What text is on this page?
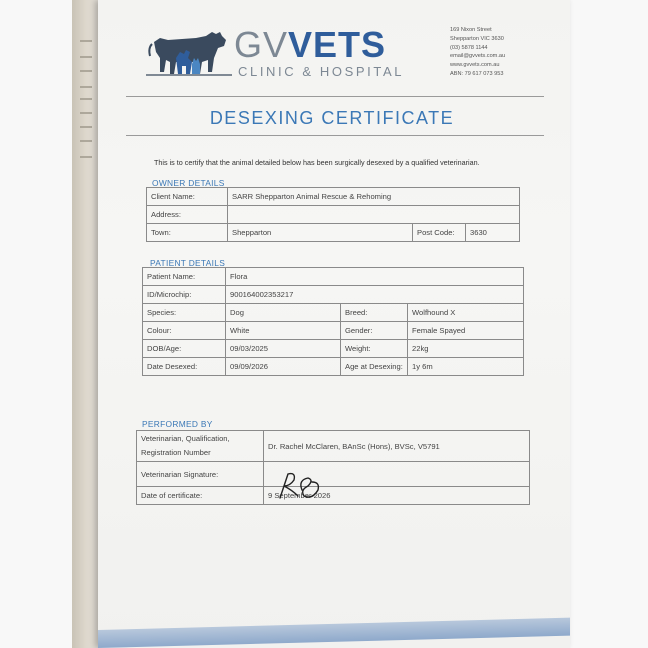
GVVETS
CLINIC & HOSPITAL
169 Nixon Street
Shepparton VIC 3630
(03) 5878 1144
email@gvvets.com.au
www.gvvets.com.au
ABN: 79 617 073 953
DESEXING CERTIFICATE
This is to certify that the animal detailed below has been surgically desexed by a qualified veterinarian.
OWNER DETAILS
Client Name:	SARR Shepparton Animal Rescue & Rehoming		
Address:			
Town:	Shepparton	Post Code:	3630
PATIENT DETAILS
Patient Name:	Flora		
ID/Microchip:	900164002353217		
Species:	Dog	Breed:	Wolfhound X
Colour:	White	Gender:	Female Spayed
DOB/Age:	09/03/2025	Weight:	22kg
Date Desexed:	09/09/2026	Age at Desexing:	1y 6m
PERFORMED BY
Veterinarian, Qualification,
Registration Number	Dr. Rachel McClaren, BAnSc (Hons), BVSc, V5791
Veterinarian Signature:	
Date of certificate:	9 September 2026
